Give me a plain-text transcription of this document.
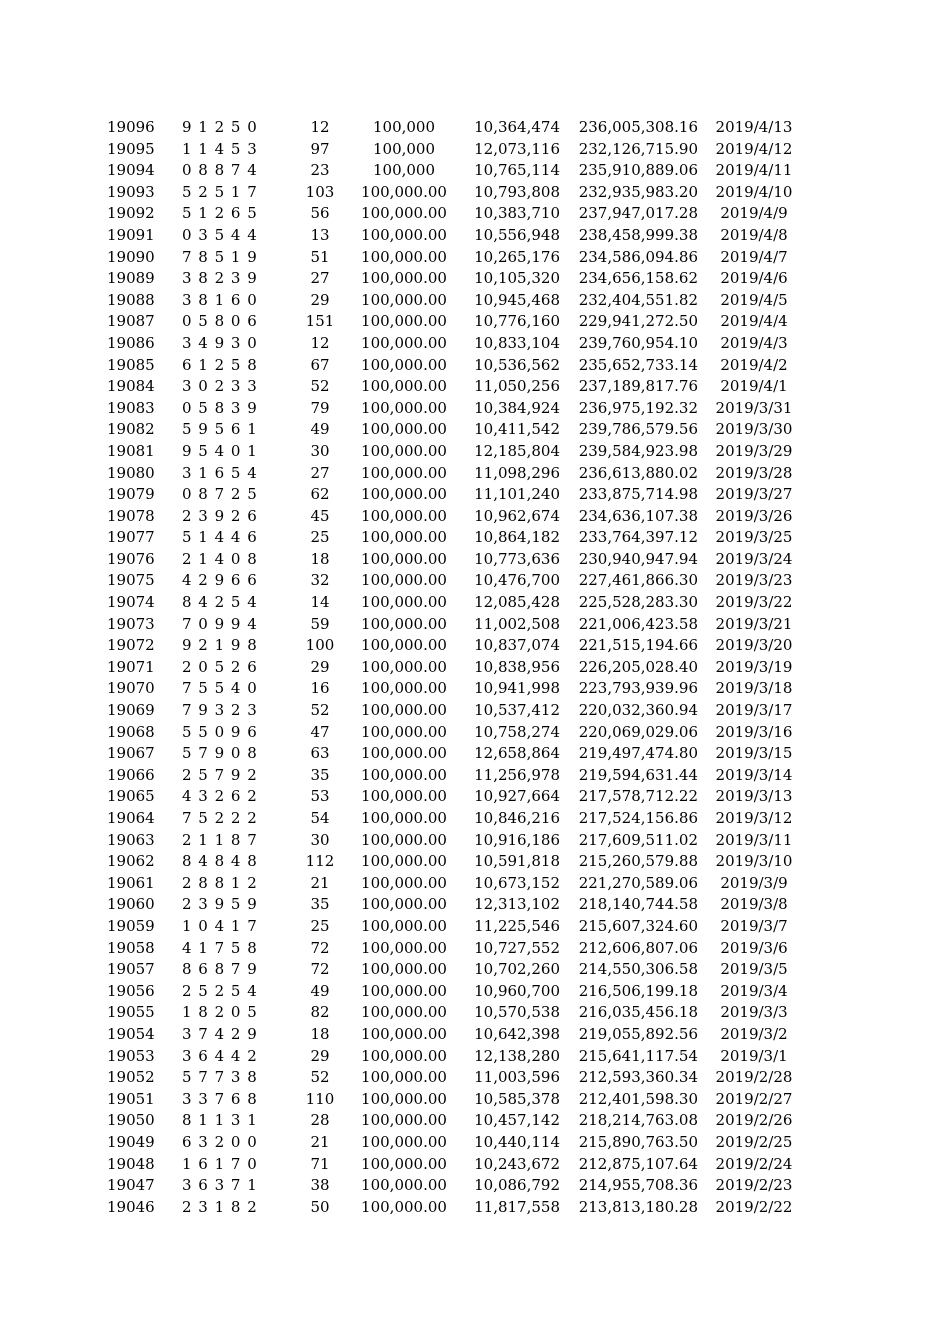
19096 9 1 2 5 0	12	100,000	10,364,474	236,005,308.16	2019/4/13
19095 1 1 4 5 3	97	100,000	12,073,116	232,126,715.90	2019/4/12
19094 0 8 8 7 4	23	100,000	10,765,114	235,910,889.06	2019/4/11
19093 5 2 5 1 7	103	100,000.00	10,793,808	232,935,983.20	2019/4/10
19092 5 1 2 6 5	56	100,000.00	10,383,710	237,947,017.28	2019/4/9
19091 0 3 5 4 4	13	100,000.00	10,556,948	238,458,999.38	2019/4/8
19090 7 8 5 1 9	51	100,000.00	10,265,176	234,586,094.86	2019/4/7
19089 3 8 2 3 9	27	100,000.00	10,105,320	234,656,158.62	2019/4/6
19088 3 8 1 6 0	29	100,000.00	10,945,468	232,404,551.82	2019/4/5
19087 0 5 8 0 6	151	100,000.00	10,776,160	229,941,272.50	2019/4/4
19086 3 4 9 3 0	12	100,000.00	10,833,104	239,760,954.10	2019/4/3
19085 6 1 2 5 8	67	100,000.00	10,536,562	235,652,733.14	2019/4/2
19084 3 0 2 3 3	52	100,000.00	11,050,256	237,189,817.76	2019/4/1
19083 0 5 8 3 9	79	100,000.00	10,384,924	236,975,192.32	2019/3/31
19082 5 9 5 6 1	49	100,000.00	10,411,542	239,786,579.56	2019/3/30
19081 9 5 4 0 1	30	100,000.00	12,185,804	239,584,923.98	2019/3/29
19080 3 1 6 5 4	27	100,000.00	11,098,296	236,613,880.02	2019/3/28
19079 0 8 7 2 5	62	100,000.00	11,101,240	233,875,714.98	2019/3/27
19078 2 3 9 2 6	45	100,000.00	10,962,674	234,636,107.38	2019/3/26
19077 5 1 4 4 6	25	100,000.00	10,864,182	233,764,397.12	2019/3/25
19076 2 1 4 0 8	18	100,000.00	10,773,636	230,940,947.94	2019/3/24
19075 4 2 9 6 6	32	100,000.00	10,476,700	227,461,866.30	2019/3/23
19074 8 4 2 5 4	14	100,000.00	12,085,428	225,528,283.30	2019/3/22
19073 7 0 9 9 4	59	100,000.00	11,002,508	221,006,423.58	2019/3/21
19072 9 2 1 9 8	100	100,000.00	10,837,074	221,515,194.66	2019/3/20
19071 2 0 5 2 6	29	100,000.00	10,838,956	226,205,028.40	2019/3/19
19070 7 5 5 4 0	16	100,000.00	10,941,998	223,793,939.96	2019/3/18
19069 7 9 3 2 3	52	100,000.00	10,537,412	220,032,360.94	2019/3/17
19068 5 5 0 9 6	47	100,000.00	10,758,274	220,069,029.06	2019/3/16
19067 5 7 9 0 8	63	100,000.00	12,658,864	219,497,474.80	2019/3/15
19066 2 5 7 9 2	35	100,000.00	11,256,978	219,594,631.44	2019/3/14
19065 4 3 2 6 2	53	100,000.00	10,927,664	217,578,712.22	2019/3/13
19064 7 5 2 2 2	54	100,000.00	10,846,216	217,524,156.86	2019/3/12
19063 2 1 1 8 7	30	100,000.00	10,916,186	217,609,511.02	2019/3/11
19062 8 4 8 4 8	112	100,000.00	10,591,818	215,260,579.88	2019/3/10
19061 2 8 8 1 2	21	100,000.00	10,673,152	221,270,589.06	2019/3/9
19060 2 3 9 5 9	35	100,000.00	12,313,102	218,140,744.58	2019/3/8
19059 1 0 4 1 7	25	100,000.00	11,225,546	215,607,324.60	2019/3/7
19058 4 1 7 5 8	72	100,000.00	10,727,552	212,606,807.06	2019/3/6
19057 8 6 8 7 9	72	100,000.00	10,702,260	214,550,306.58	2019/3/5
19056 2 5 2 5 4	49	100,000.00	10,960,700	216,506,199.18	2019/3/4
19055 1 8 2 0 5	82	100,000.00	10,570,538	216,035,456.18	2019/3/3
19054 3 7 4 2 9	18	100,000.00	10,642,398	219,055,892.56	2019/3/2
19053 3 6 4 4 2	29	100,000.00	12,138,280	215,641,117.54	2019/3/1
19052 5 7 7 3 8	52	100,000.00	11,003,596	212,593,360.34	2019/2/28
19051 3 3 7 6 8	110	100,000.00	10,585,378	212,401,598.30	2019/2/27
19050 8 1 1 3 1	28	100,000.00	10,457,142	218,214,763.08	2019/2/26
19049 6 3 2 0 0	21	100,000.00	10,440,114	215,890,763.50	2019/2/25
19048 1 6 1 7 0	71	100,000.00	10,243,672	212,875,107.64	2019/2/24
19047 3 6 3 7 1	38	100,000.00	10,086,792	214,955,708.36	2019/2/23
19046 2 3 1 8 2	50	100,000.00	11,817,558	213,813,180.28	2019/2/22
